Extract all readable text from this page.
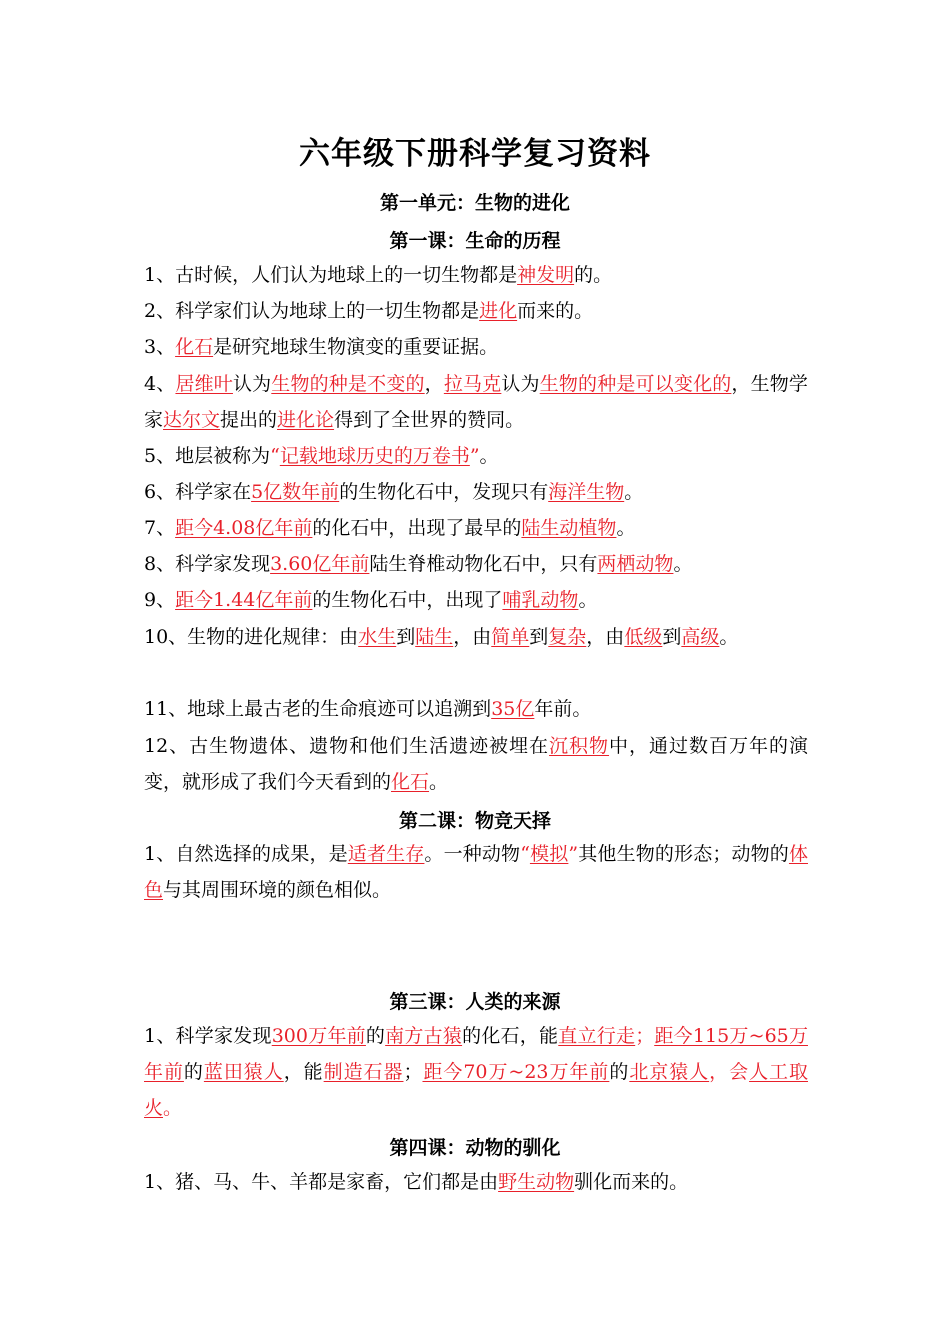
六年级下册科学复习资料
第一单元：生物的进化
第一课：生命的历程
1、古时候，人们认为地球上的一切生物都是神发明的。
2、科学家们认为地球上的一切生物都是进化而来的。
3、化石是研究地球生物演变的重要证据。
4、居维叶认为生物的种是不变的，拉马克认为生物的种是可以变化的，生物学家达尔文提出的进化论得到了全世界的赞同。
5、地层被称为“记载地球历史的万卷书”。
6、科学家在5亿数年前的生物化石中，发现只有海洋生物。
7、距今4.08亿年前的化石中，出现了最早的陆生动植物。
8、科学家发现3.60亿年前陆生脊椎动物化石中，只有两栖动物。
9、距今1.44亿年前的生物化石中，出现了哺乳动物。
10、生物的进化规律：由水生到陆生，由简单到复杂，由低级到高级。
11、地球上最古老的生命痕迹可以追溯到35亿年前。
12、古生物遗体、遗物和他们生活遗迹被埋在沉积物中，通过数百万年的演变，就形成了我们今天看到的化石。
第二课：物竞天择
1、自然选择的成果，是适者生存。一种动物“模拟”其他生物的形态；动物的体色与其周围环境的颜色相似。
第三课：人类的来源
1、科学家发现300万年前的南方古猿的化石，能直立行走；距今115万~65万年前的蓝田猿人，能制造石器；距今70万~23万年前的北京猿人，会人工取火。
第四课：动物的驯化
1、猪、马、牛、羊都是家畜，它们都是由野生动物驯化而来的。
